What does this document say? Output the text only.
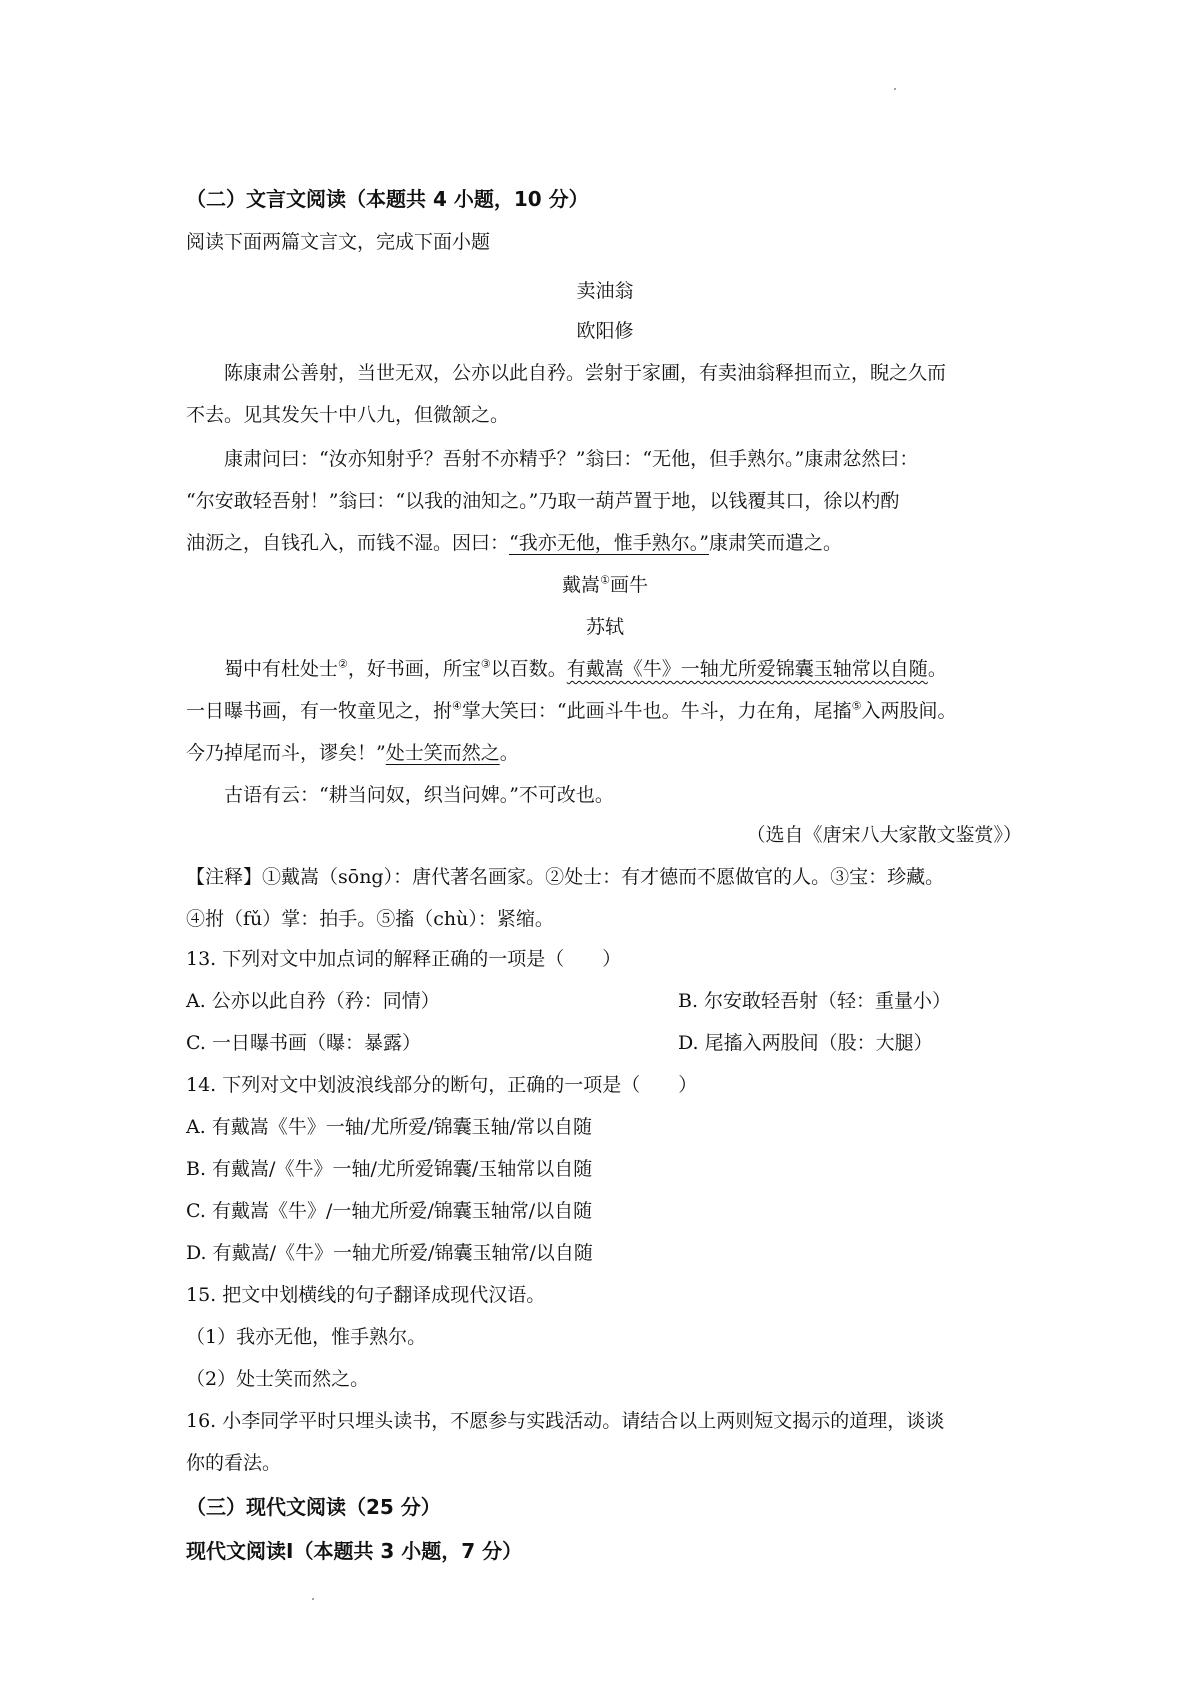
（二）文言文阅读（本题共 4 小题，10 分）
阅读下面两篇文言文，完成下面小题
卖油翁
欧阳修
陈康肃公善射，当世无双，公亦以此自矜。尝射于家圃，有卖油翁释担而立，睨之久而
不去。见其发矢十中八九，但微颔之。
康肃问曰：“汝亦知射乎？吾射不亦精乎？”翁曰：“无他，但手熟尔。”康肃忿然曰：
“尔安敢轻吾射！”翁曰：“以我的油知之。”乃取一葫芦置于地，以钱覆其口，徐以杓酌
油沥之，自钱孔入，而钱不湿。因曰：“我亦无他，惟手熟尔。”康肃笑而遣之。
戴嵩①画牛
苏轼
蜀中有杜处士②，好书画，所宝③以百数。有戴嵩《牛》一轴尤所爱锦囊玉轴常以自随。
一日曝书画，有一牧童见之，拊④掌大笑曰：“此画斗牛也。牛斗，力在角，尾搐⑤入两股间。
今乃掉尾而斗，谬矣！”处士笑而然之。
古语有云：“耕当问奴，织当问婢。”不可改也。
（选自《唐宋八大家散文鉴赏》）
【注释】①戴嵩（sōng）：唐代著名画家。②处士：有才德而不愿做官的人。③宝：珍藏。
④拊（fǔ）掌：拍手。⑤搐（chù）：紧缩。
13. 下列对文中加点词的解释正确的一项是（　　）
A. 公亦以此自矜（矜：同情）	B. 尔安敢轻吾射（轻：重量小）
C. 一日曝书画（曝：暴露）	D. 尾搐入两股间（股：大腿）
14. 下列对文中划波浪线部分的断句，正确的一项是（　　）
A. 有戴嵩《牛》一轴/尤所爱/锦囊玉轴/常以自随
B. 有戴嵩/《牛》一轴/尤所爱锦囊/玉轴常以自随
C. 有戴嵩《牛》/一轴尤所爱/锦囊玉轴常/以自随
D. 有戴嵩/《牛》一轴尤所爱/锦囊玉轴常/以自随
15. 把文中划横线的句子翻译成现代汉语。
（1）我亦无他，惟手熟尔。
（2）处士笑而然之。
16. 小李同学平时只埋头读书，不愿参与实践活动。请结合以上两则短文揭示的道理，谈谈
你的看法。
（三）现代文阅读（25 分）
现代文阅读Ⅰ（本题共 3 小题，7 分）
